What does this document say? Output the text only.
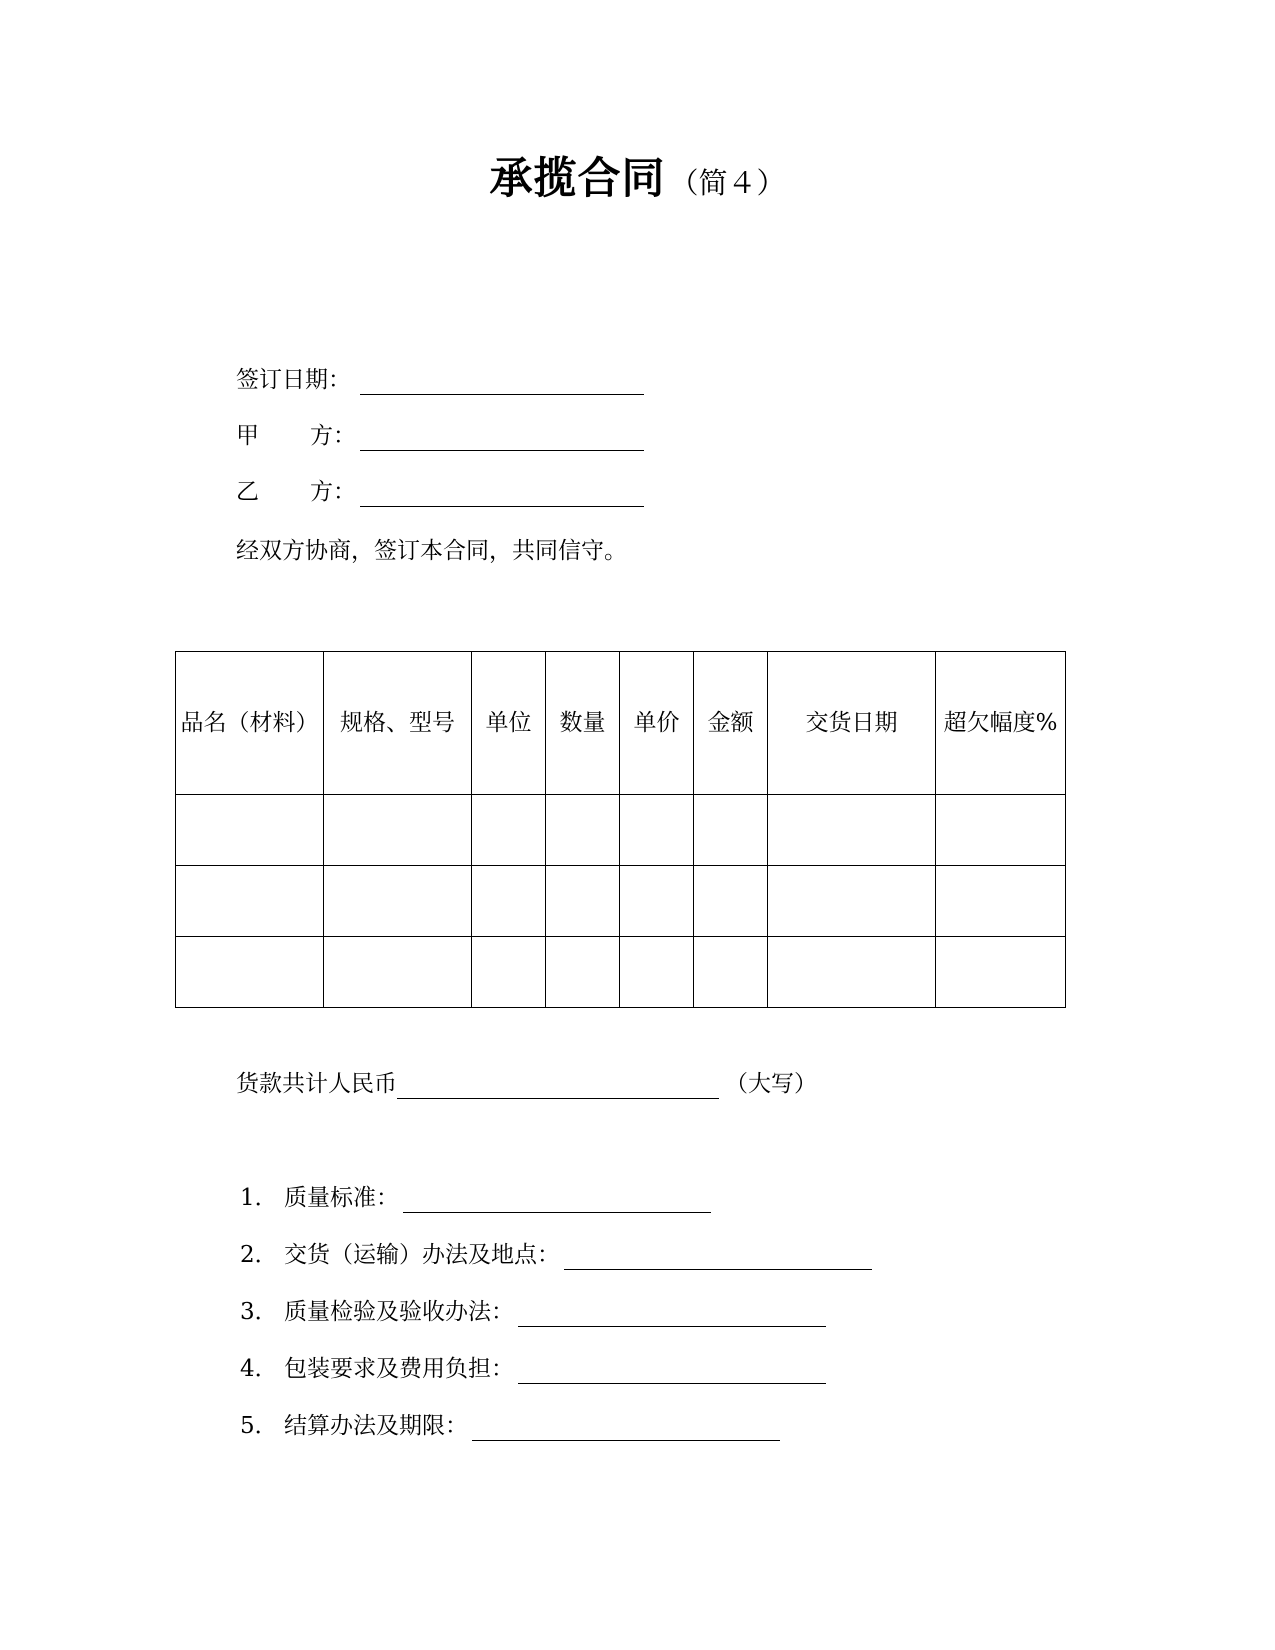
承揽合同 （简４）
签订日期：
甲 方：
乙 方：
经双方协商，签订本合同，共同信守。
品名（材料）	规格、型号	单位	数量	单价	金额	交货日期	超欠幅度%

货款共计人民币	（大写）
1． 质量标准：
2． 交货（运输）办法及地点：
3． 质量检验及验收办法：
4． 包装要求及费用负担：
5． 结算办法及期限：
